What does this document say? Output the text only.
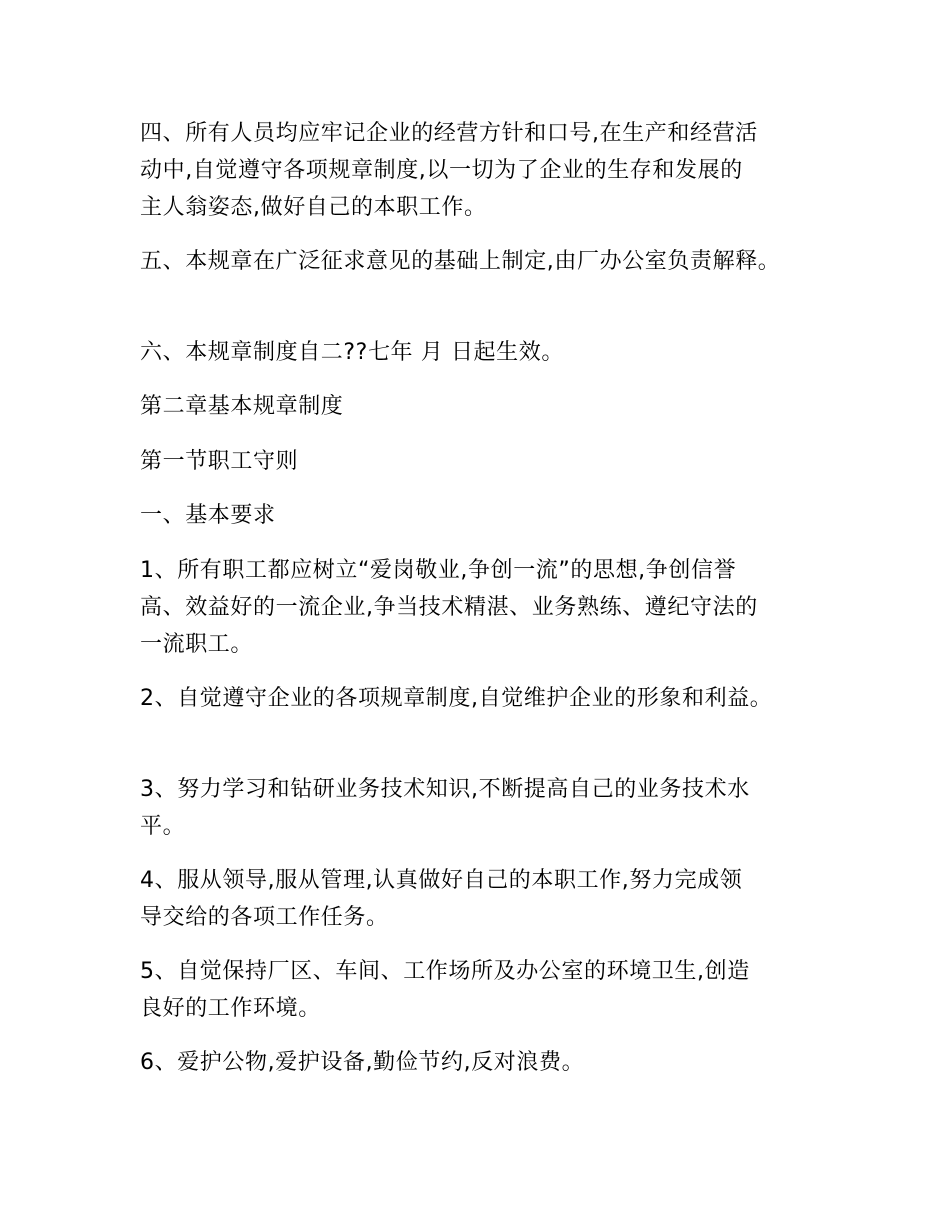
四、所有人员均应牢记企业的经营方针和口号,在生产和经营活
动中,自觉遵守各项规章制度,以一切为了企业的生存和发展的
主人翁姿态,做好自己的本职工作。
五、本规章在广泛征求意见的基础上制定,由厂办公室负责解释。
六、本规章制度自二??七年 月 日起生效。
第二章基本规章制度
第一节职工守则
一、基本要求
1、所有职工都应树立“爱岗敬业,争创一流”的思想,争创信誉
高、效益好的一流企业,争当技术精湛、业务熟练、遵纪守法的
一流职工。
2、自觉遵守企业的各项规章制度,自觉维护企业的形象和利益。
3、努力学习和钻研业务技术知识,不断提高自己的业务技术水
平。
4、服从领导,服从管理,认真做好自己的本职工作,努力完成领
导交给的各项工作任务。
5、自觉保持厂区、车间、工作场所及办公室的环境卫生,创造
良好的工作环境。
6、爱护公物,爱护设备,勤俭节约,反对浪费。
